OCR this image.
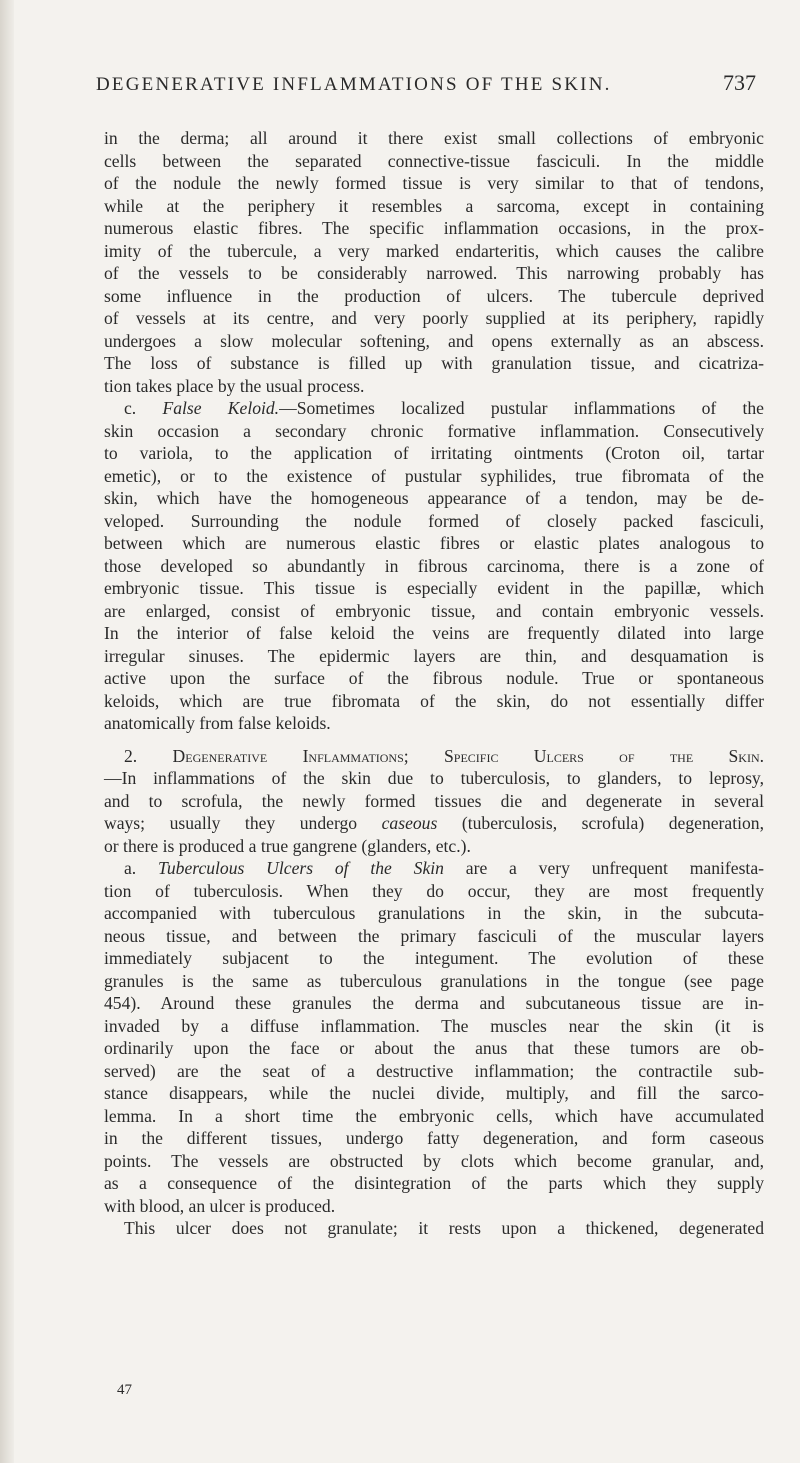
DEGENERATIVE INFLAMMATIONS OF THE SKIN.	737
in the derma; all around it there exist small collections of embryonic
cells between the separated connective-tissue fasciculi. In the middle
of the nodule the newly formed tissue is very similar to that of tendons,
while at the periphery it resembles a sarcoma, except in containing
numerous elastic fibres. The specific inflammation occasions, in the prox-
imity of the tubercule, a very marked endarteritis, which causes the calibre
of the vessels to be considerably narrowed. This narrowing probably has
some influence in the production of ulcers. The tubercule deprived
of vessels at its centre, and very poorly supplied at its periphery, rapidly
undergoes a slow molecular softening, and opens externally as an abscess.
The loss of substance is filled up with granulation tissue, and cicatriza-
tion takes place by the usual process.
c. False Keloid.—Sometimes localized pustular inflammations of the
skin occasion a secondary chronic formative inflammation. Consecutively
to variola, to the application of irritating ointments (Croton oil, tartar
emetic), or to the existence of pustular syphilides, true fibromata of the
skin, which have the homogeneous appearance of a tendon, may be de-
veloped. Surrounding the nodule formed of closely packed fasciculi,
between which are numerous elastic fibres or elastic plates analogous to
those developed so abundantly in fibrous carcinoma, there is a zone of
embryonic tissue. This tissue is especially evident in the papillæ, which
are enlarged, consist of embryonic tissue, and contain embryonic vessels.
In the interior of false keloid the veins are frequently dilated into large
irregular sinuses. The epidermic layers are thin, and desquamation is
active upon the surface of the fibrous nodule. True or spontaneous
keloids, which are true fibromata of the skin, do not essentially differ
anatomically from false keloids.
2. Degenerative Inflammations; Specific Ulcers of the Skin.
—In inflammations of the skin due to tuberculosis, to glanders, to leprosy,
and to scrofula, the newly formed tissues die and degenerate in several
ways; usually they undergo caseous (tuberculosis, scrofula) degeneration,
or there is produced a true gangrene (glanders, etc.).
a. Tuberculous Ulcers of the Skin are a very unfrequent manifesta-
tion of tuberculosis. When they do occur, they are most frequently
accompanied with tuberculous granulations in the skin, in the subcuta-
neous tissue, and between the primary fasciculi of the muscular layers
immediately subjacent to the integument. The evolution of these
granules is the same as tuberculous granulations in the tongue (see page
454). Around these granules the derma and subcutaneous tissue are in-
invaded by a diffuse inflammation. The muscles near the skin (it is
ordinarily upon the face or about the anus that these tumors are ob-
served) are the seat of a destructive inflammation; the contractile sub-
stance disappears, while the nuclei divide, multiply, and fill the sarco-
lemma. In a short time the embryonic cells, which have accumulated
in the different tissues, undergo fatty degeneration, and form caseous
points. The vessels are obstructed by clots which become granular, and,
as a consequence of the disintegration of the parts which they supply
with blood, an ulcer is produced.
This ulcer does not granulate; it rests upon a thickened, degenerated
47
